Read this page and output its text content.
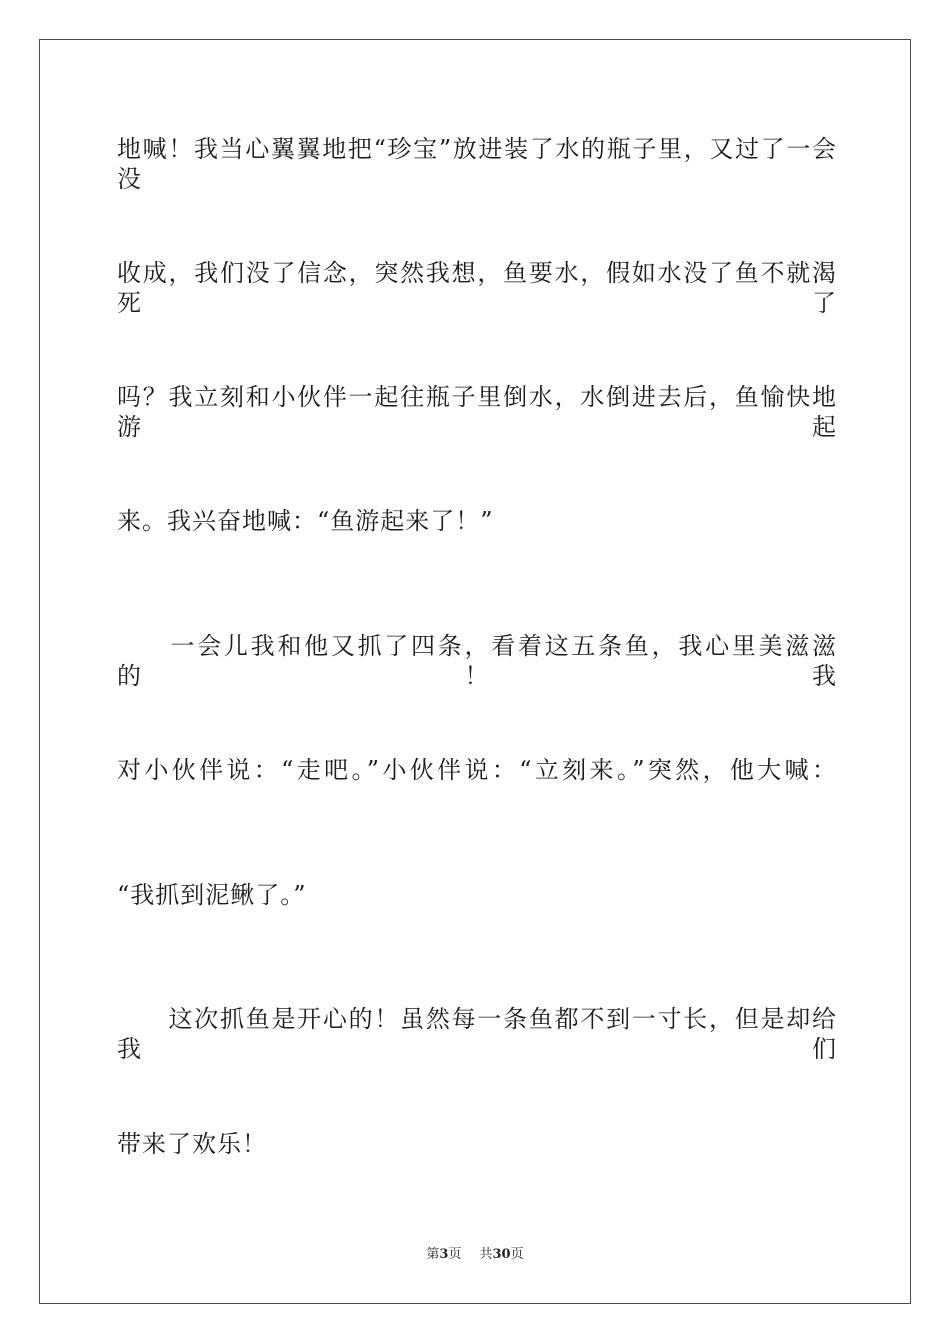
地喊！我当心翼翼地把“珍宝”放进装了水的瓶子里，又过了一会没
收成，我们没了信念，突然我想，鱼要水，假如水没了鱼不就渴死了
吗？我立刻和小伙伴一起往瓶子里倒水，水倒进去后，鱼愉快地游起
来。我兴奋地喊：“鱼游起来了！”
　　一会儿我和他又抓了四条，看着这五条鱼，我心里美滋滋的！我
对小伙伴说：“走吧。”小伙伴说：“立刻来。”突然，他大喊：
“我抓到泥鳅了。”
　　这次抓鱼是开心的！虽然每一条鱼都不到一寸长，但是却给我们
带来了欢乐！
第3页 共30页
